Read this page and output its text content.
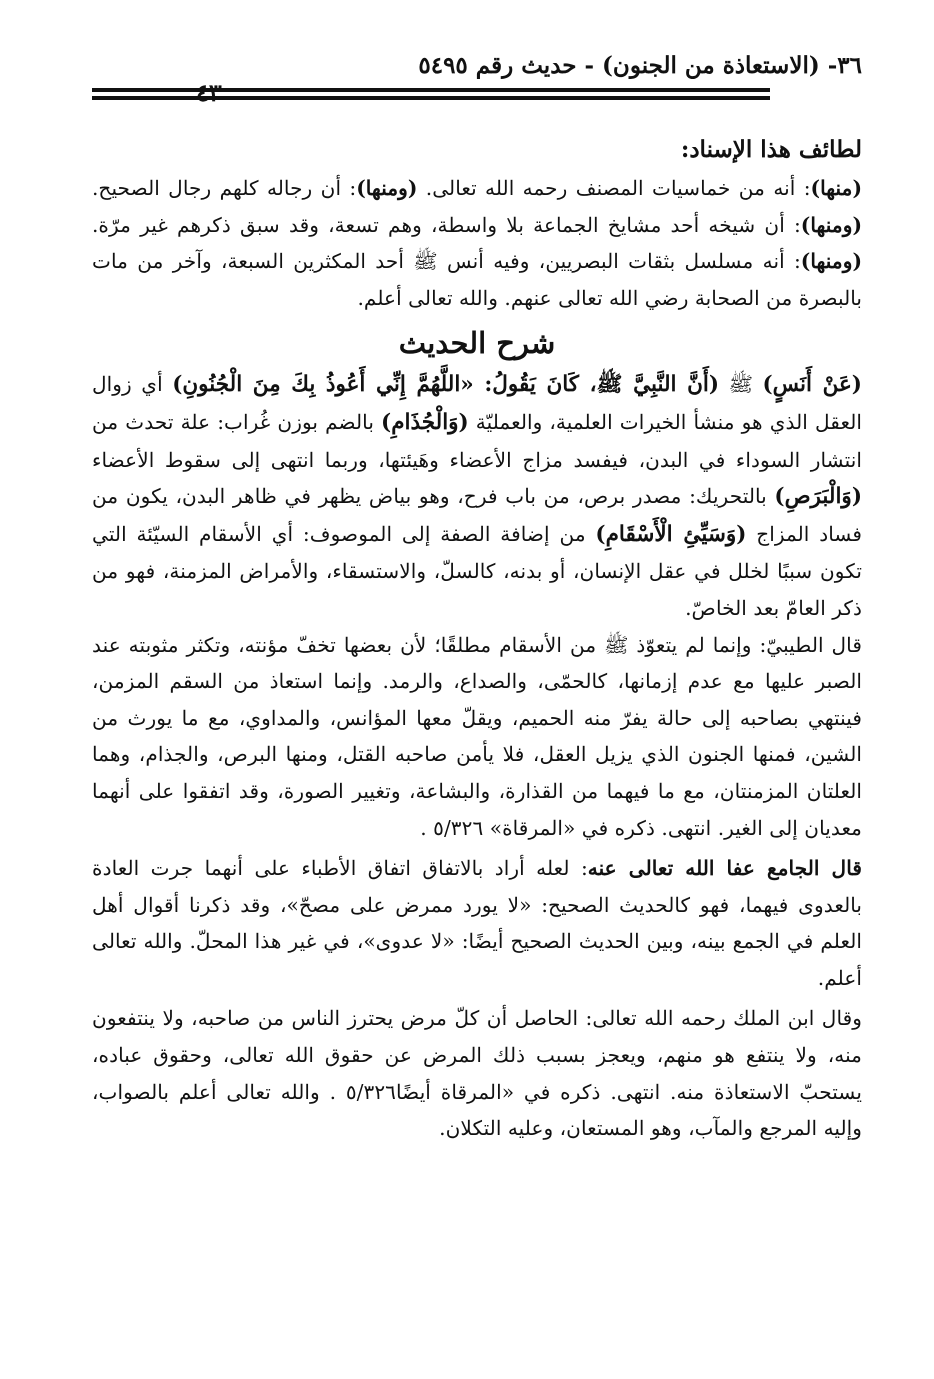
٣٦- (الاستعاذة من الجنون) - حديث رقم ٥٤٩٥
٤٣
لطائف هذا الإسناد:

(منها): أنه من خماسيات المصنف رحمه الله تعالى. (ومنها): أن رجاله كلهم رجال الصحيح. (ومنها): أن شيخه أحد مشايخ الجماعة بلا واسطة، وهم تسعة، وقد سبق ذكرهم غير مرّة. (ومنها): أنه مسلسل بثقات البصريين، وفيه أنس ﷺ أحد المكثرين السبعة، وآخر من مات بالبصرة من الصحابة رضي الله تعالى عنهم. والله تعالى أعلم.

شرح الحديث

(عَنْ أَنَسٍ) ﷺ (أَنَّ النَّبِيَّ ﷺ، كَانَ يَقُولُ: «اللَّهُمَّ إِنِّي أَعُوذُ بِكَ مِنَ الْجُنُونِ) أي زوال العقل الذي هو منشأ الخيرات العلمية، والعمليّة (وَالْجُذَامِ) بالضم بوزن غُراب: علة تحدث من انتشار السوداء في البدن، فيفسد مزاج الأعضاء وهَيئتها، وربما انتهى إلى سقوط الأعضاء (وَالْبَرَصِ) بالتحريك: مصدر برص، من باب فرح، وهو بياض يظهر في ظاهر البدن، يكون من فساد المزاج (وَسَيِّئِ الْأَسْقَامِ) من إضافة الصفة إلى الموصوف: أي الأسقام السيّئة التي تكون سببًا لخلل في عقل الإنسان، أو بدنه، كالسلّ، والاستسقاء، والأمراض المزمنة، فهو من ذكر العامّ بعد الخاصّ.

قال الطيبيّ: وإنما لم يتعوّذ ﷺ من الأسقام مطلقًا؛ لأن بعضها تخفّ مؤنته، وتكثر مثوبته عند الصبر عليها مع عدم إزمانها، كالحمّى، والصداع، والرمد. وإنما استعاذ من السقم المزمن، فينتهي بصاحبه إلى حالة يفرّ منه الحميم، ويقلّ معها المؤانس، والمداوي، مع ما يورث من الشين، فمنها الجنون الذي يزيل العقل، فلا يأمن صاحبه القتل، ومنها البرص، والجذام، وهما العلتان المزمنتان، مع ما فيهما من القذارة، والبشاعة، وتغيير الصورة، وقد اتفقوا على أنهما معديان إلى الغير. انتهى. ذكره في «المرقاة» ٥/٣٢٦ .

قال الجامع عفا الله تعالى عنه: لعله أراد بالاتفاق اتفاق الأطباء على أنهما جرت العادة بالعدوى فيهما، فهو كالحديث الصحيح: «لا يورد ممرض على مصحّ»، وقد ذكرنا أقوال أهل العلم في الجمع بينه، وبين الحديث الصحيح أيضًا: «لا عدوى»، في غير هذا المحلّ. والله تعالى أعلم.

وقال ابن الملك رحمه الله تعالى: الحاصل أن كلّ مرض يحترز الناس من صاحبه، ولا ينتفعون منه، ولا ينتفع هو منهم، ويعجز بسبب ذلك المرض عن حقوق الله تعالى، وحقوق عباده، يستحبّ الاستعاذة منه. انتهى. ذكره في «المرقاة أيضًا٥/٣٢٦ . والله تعالى أعلم بالصواب، وإليه المرجع والمآب، وهو المستعان، وعليه التكلان.
